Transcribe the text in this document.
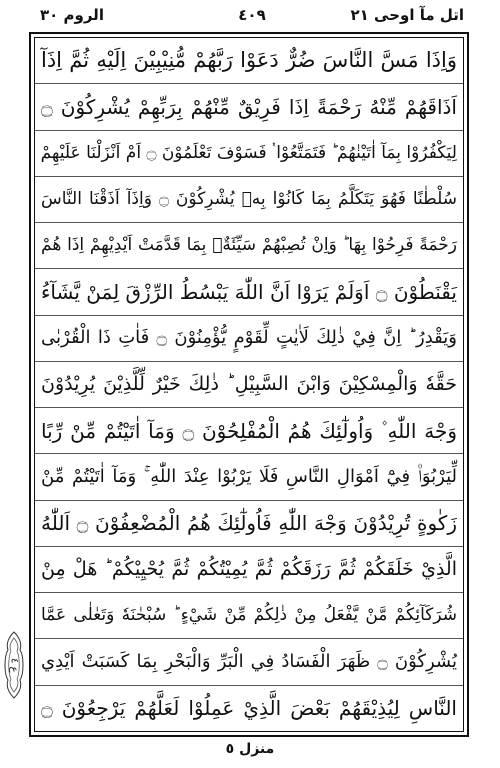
اتل مآ اوحی ٢١
٤٠٩
الروم ٣٠
وَاِذَا مَسَّ النَّاسَ ضُرٌّ دَعَوْا رَبَّهُمْ مُّنِيْبِيْنَ اِلَيْهِ ثُمَّ اِذَآ
اَذَاقَهُمْ مِّنْهُ رَحْمَةً اِذَا فَرِيْقٌ مِّنْهُمْ بِرَبِّهِمْ يُشْرِكُوْنَ ۝
لِيَكْفُرُوْا بِمَآ اٰتَيْنٰهُمْ ؕ فَتَمَتَّعُوْا ٝ فَسَوْفَ تَعْلَمُوْنَ ۝ اَمْ اَنْزَلْنَا عَلَيْهِمْ
سُلْطٰنًا فَهُوَ يَتَكَلَّمُ بِمَا كَانُوْا بِهٖ يُشْرِكُوْنَ ۝ وَاِذَآ اَذَقْنَا النَّاسَ
رَحْمَةً فَرِحُوْا بِهَا ؕ وَاِنْ تُصِبْهُمْ سَيِّئَةٌۢ بِمَا قَدَّمَتْ اَيْدِيْهِمْ اِذَا هُمْ
يَقْنَطُوْنَ ۝ اَوَلَمْ يَرَوْا اَنَّ اللّٰهَ يَبْسُطُ الرِّزْقَ لِمَنْ يَّشَآءُ
وَيَقْدِرُ ؕ اِنَّ فِيْ ذٰلِكَ لَاٰيٰتٍ لِّقَوْمٍ يُّؤْمِنُوْنَ ۝ فَاٰتِ ذَا الْقُرْبٰى
حَقَّهٗ وَالْمِسْكِيْنَ وَابْنَ السَّبِيْلِ ؕ ذٰلِكَ خَيْرٌ لِّلَّذِيْنَ يُرِيْدُوْنَ
وَجْهَ اللّٰهِ ۫ وَاُولٰٓئِكَ هُمُ الْمُفْلِحُوْنَ ۝ وَمَآ اٰتَيْتُمْ مِّنْ رِّبًا
لِّيَرْبُوَا۠ فِيْٓ اَمْوَالِ النَّاسِ فَلَا يَرْبُوْا عِنْدَ اللّٰهِ ۚ وَمَآ اٰتَيْتُمْ مِّنْ
زَكٰوةٍ تُرِيْدُوْنَ وَجْهَ اللّٰهِ فَاُولٰٓئِكَ هُمُ الْمُضْعِفُوْنَ ۝ اَللّٰهُ
الَّذِيْ خَلَقَكُمْ ثُمَّ رَزَقَكُمْ ثُمَّ يُمِيْتُكُمْ ثُمَّ يُحْيِيْكُمْ ؕ هَلْ مِنْ
شُرَكَآئِكُمْ مَّنْ يَّفْعَلُ مِنْ ذٰلِكُمْ مِّنْ شَيْءٍ ؕ سُبْحٰنَهٗ وَتَعٰلٰى عَمَّا
يُشْرِكُوْنَ ۝ ظَهَرَ الْفَسَادُ فِي الْبَرِّ وَالْبَحْرِ بِمَا كَسَبَتْ اَيْدِي
النَّاسِ لِيُذِيْقَهُمْ بَعْضَ الَّذِيْ عَمِلُوْا لَعَلَّهُمْ يَرْجِعُوْنَ ۝
ع ٤
منزل ٥
